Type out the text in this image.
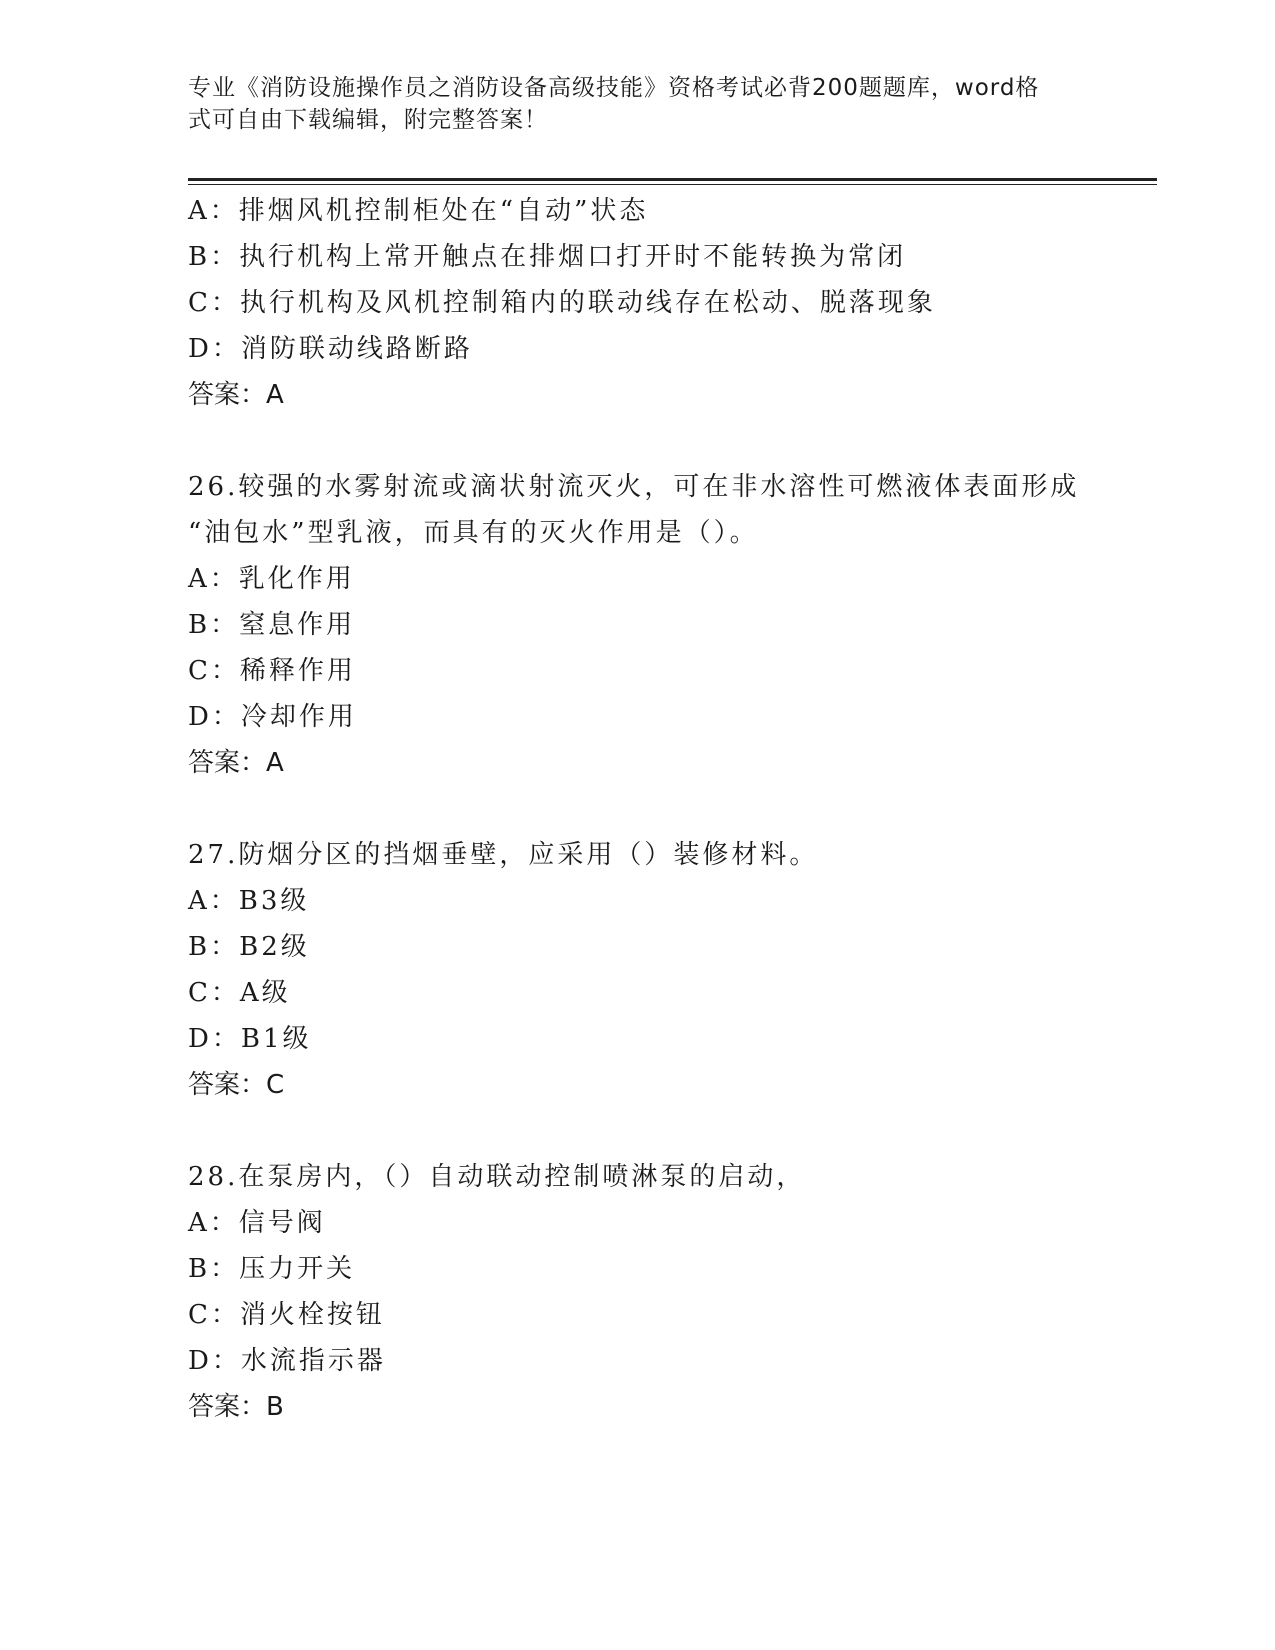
专业《消防设施操作员之消防设备高级技能》资格考试必背200题题库，word格
式可自由下载编辑，附完整答案！
A：排烟风机控制柜处在“自动”状态
B：执行机构上常开触点在排烟口打开时不能转换为常闭
C：执行机构及风机控制箱内的联动线存在松动、脱落现象
D：消防联动线路断路
答案：A
26.较强的水雾射流或滴状射流灭火，可在非水溶性可燃液体表面形成
“油包水”型乳液，而具有的灭火作用是（）。
A：乳化作用
B：窒息作用
C：稀释作用
D：冷却作用
答案：A
27.防烟分区的挡烟垂壁，应采用（）装修材料。
A：B3级
B：B2级
C：A级
D：B1级
答案：C
28.在泵房内，（）自动联动控制喷淋泵的启动，
A：信号阀
B：压力开关
C：消火栓按钮
D：水流指示器
答案：B
